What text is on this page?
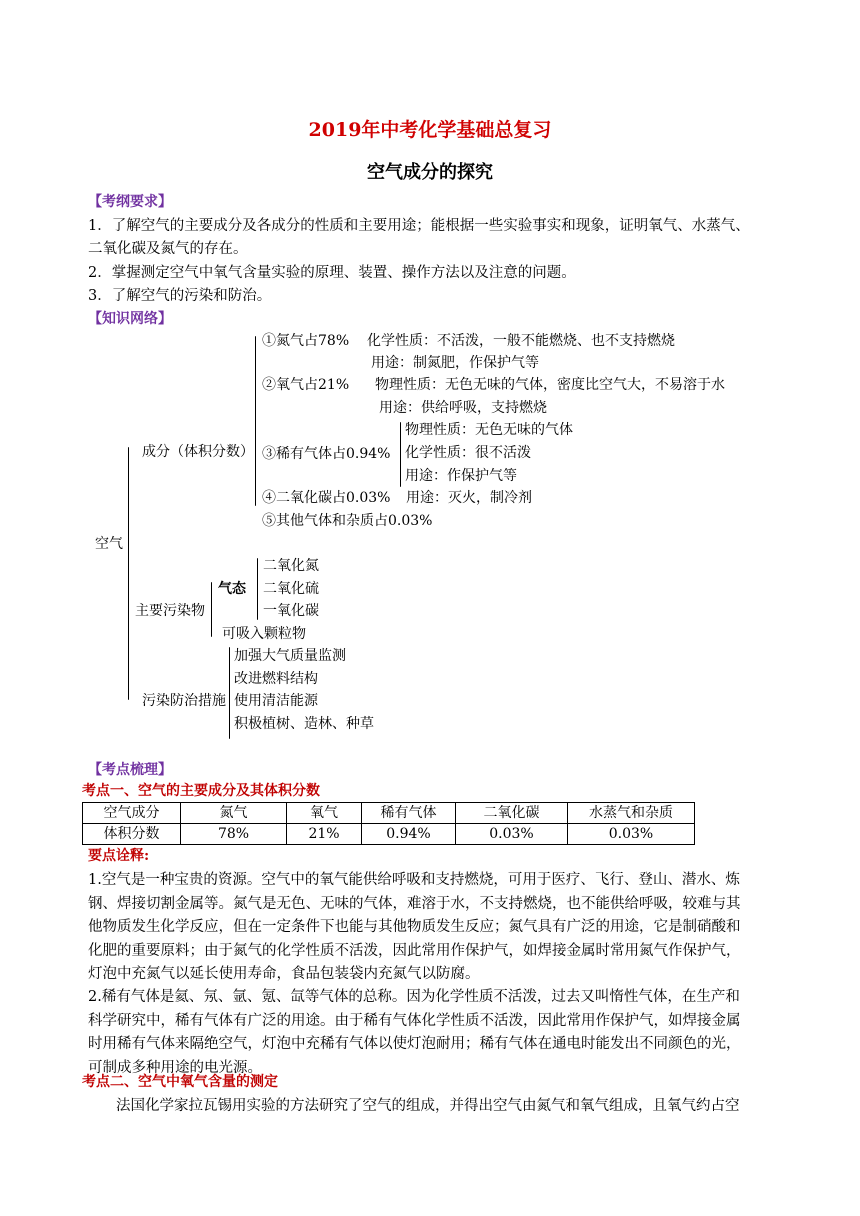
2019年中考化学基础总复习
空气成分的探究
【考纲要求】
1．了解空气的主要成分及各成分的性质和主要用途；能根据一些实验事实和现象，证明氧气、水蒸气、
二氧化碳及氮气的存在。
2．掌握测定空气中氧气含量实验的原理、装置、操作方法以及注意的问题。
3．了解空气的污染和防治。
【知识网络】
空气
成分（体积分数）
①氮气占78% 化学性质：不活泼，一般不能燃烧、也不支持燃烧
用途：制氮肥，作保护气等
②氧气占21% 物理性质：无色无味的气体，密度比空气大，不易溶于水
用途：供给呼吸，支持燃烧
③稀有气体占0.94%
物理性质：无色无味的气体
化学性质：很不活泼
用途：作保护气等
④二氧化碳占0.03% 用途：灭火，制冷剂
⑤其他气体和杂质占0.03%
主要污染物
气态
二氧化氮
二氧化硫
一氧化碳
可吸入颗粒物
污染防治措施
加强大气质量监测
改进燃料结构
使用清洁能源
积极植树、造林、种草
【考点梳理】
考点一、空气的主要成分及其体积分数
空气成分	氮气	氧气	稀有气体	二氧化碳	水蒸气和杂质
体积分数	78%	21%	0.94%	0.03%	0.03%
要点诠释:
1.空气是一种宝贵的资源。空气中的氧气能供给呼吸和支持燃烧，可用于医疗、飞行、登山、潜水、炼
钢、焊接切割金属等。氮气是无色、无味的气体，难溶于水，不支持燃烧，也不能供给呼吸，较难与其
他物质发生化学反应，但在一定条件下也能与其他物质发生反应；氮气具有广泛的用途，它是制硝酸和
化肥的重要原料；由于氮气的化学性质不活泼，因此常用作保护气，如焊接金属时常用氮气作保护气，
灯泡中充氮气以延长使用寿命，食品包装袋内充氮气以防腐。
2.稀有气体是氦、氖、氩、氪、氙等气体的总称。因为化学性质不活泼，过去又叫惰性气体，在生产和
科学研究中，稀有气体有广泛的用途。由于稀有气体化学性质不活泼，因此常用作保护气，如焊接金属
时用稀有气体来隔绝空气，灯泡中充稀有气体以使灯泡耐用；稀有气体在通电时能发出不同颜色的光，
可制成多种用途的电光源。
考点二、空气中氧气含量的测定
法国化学家拉瓦锡用实验的方法研究了空气的组成，并得出空气由氮气和氧气组成，且氧气约占空
